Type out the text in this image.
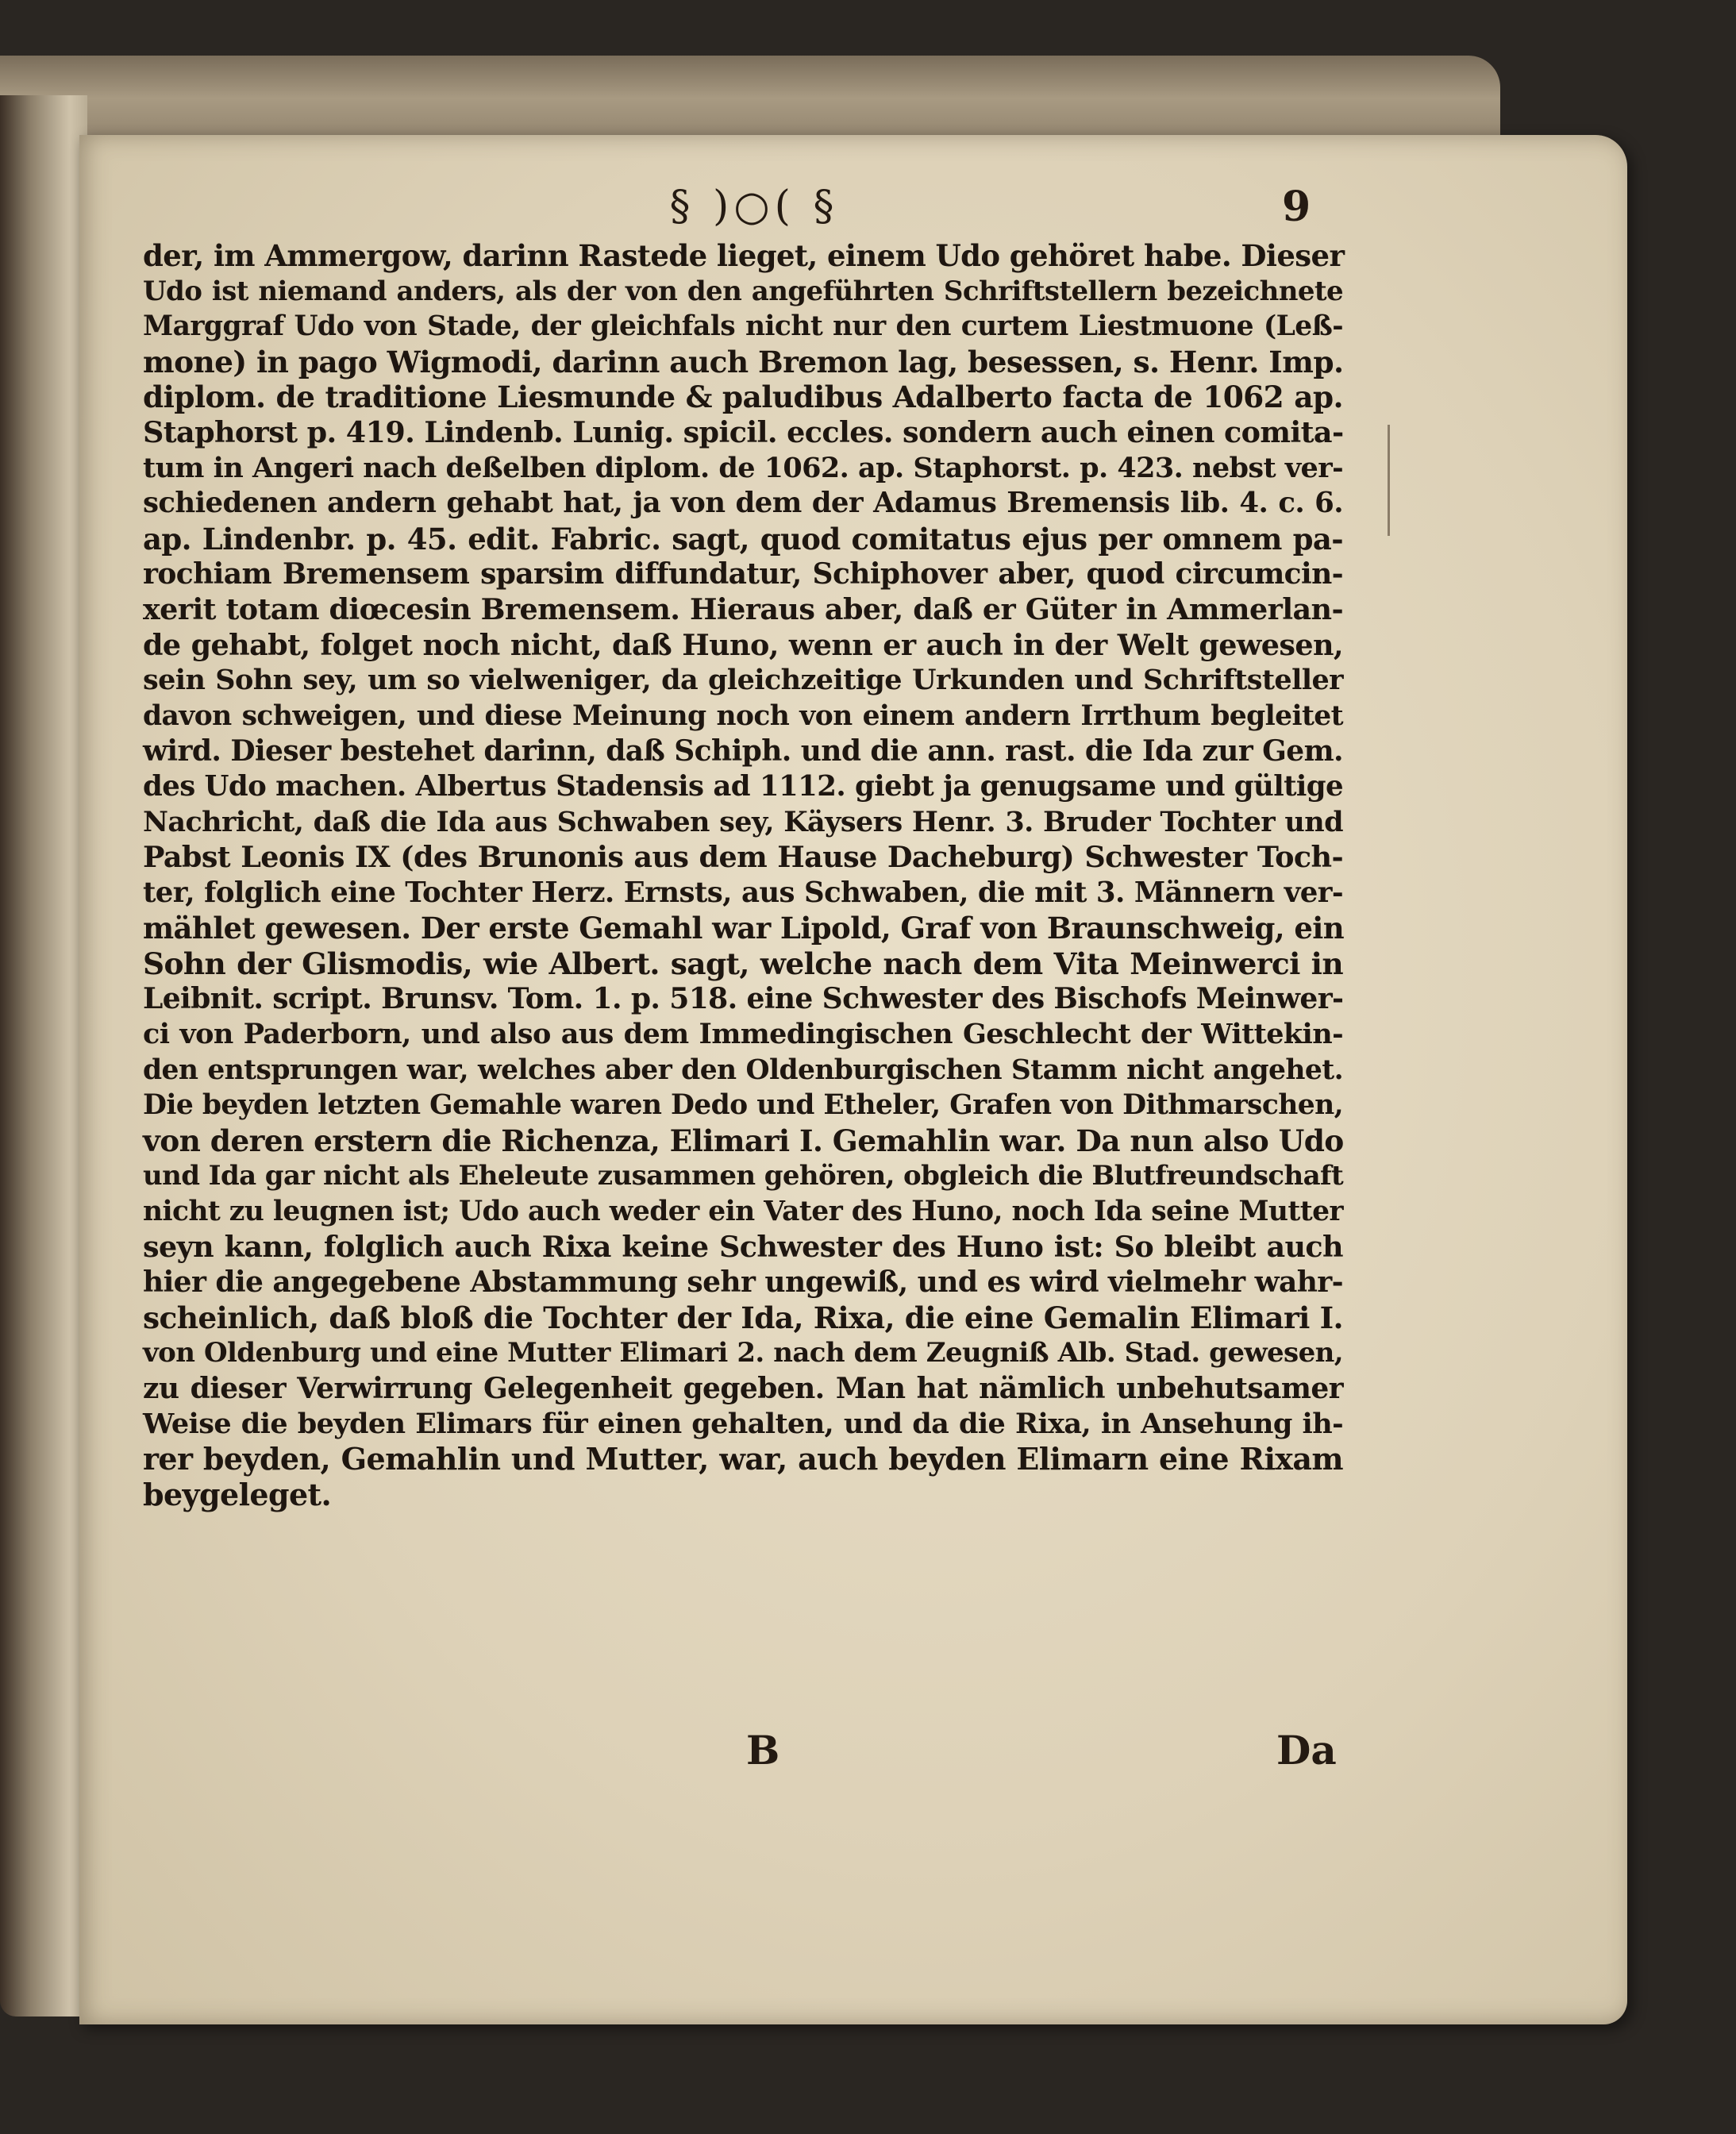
§ )○( §	9
der, im Ammergow, darinn Rastede lieget, einem Udo gehöret habe. Dieser
Udo ist niemand anders, als der von den angeführten Schriftstellern bezeichnete
Marggraf Udo von Stade, der gleichfals nicht nur den curtem Liestmuone (Leß-
mone) in pago Wigmodi, darinn auch Bremon lag, besessen, s. Henr. Imp.
diplom. de traditione Liesmunde & paludibus Adalberto facta de 1062 ap.
Staphorst p. 419. Lindenb. Lunig. spicil. eccles. sondern auch einen comita-
tum in Angeri nach deßelben diplom. de 1062. ap. Staphorst. p. 423. nebst ver-
schiedenen andern gehabt hat, ja von dem der Adamus Bremensis lib. 4. c. 6.
ap. Lindenbr. p. 45. edit. Fabric. sagt, quod comitatus ejus per omnem pa-
rochiam Bremensem sparsim diffundatur, Schiphover aber, quod circumcin-
xerit totam diœcesin Bremensem. Hieraus aber, daß er Güter in Ammerlan-
de gehabt, folget noch nicht, daß Huno, wenn er auch in der Welt gewesen,
sein Sohn sey, um so vielweniger, da gleichzeitige Urkunden und Schriftsteller
davon schweigen, und diese Meinung noch von einem andern Irrthum begleitet
wird. Dieser bestehet darinn, daß Schiph. und die ann. rast. die Ida zur Gem.
des Udo machen. Albertus Stadensis ad 1112. giebt ja genugsame und gültige
Nachricht, daß die Ida aus Schwaben sey, Käysers Henr. 3. Bruder Tochter und
Pabst Leonis IX (des Brunonis aus dem Hause Dacheburg) Schwester Toch-
ter, folglich eine Tochter Herz. Ernsts, aus Schwaben, die mit 3. Männern ver-
mählet gewesen. Der erste Gemahl war Lipold, Graf von Braunschweig, ein
Sohn der Glismodis, wie Albert. sagt, welche nach dem Vita Meinwerci in
Leibnit. script. Brunsv. Tom. 1. p. 518. eine Schwester des Bischofs Meinwer-
ci von Paderborn, und also aus dem Immedingischen Geschlecht der Wittekin-
den entsprungen war, welches aber den Oldenburgischen Stamm nicht angehet.
Die beyden letzten Gemahle waren Dedo und Etheler, Grafen von Dithmarschen,
von deren erstern die Richenza, Elimari I. Gemahlin war. Da nun also Udo
und Ida gar nicht als Eheleute zusammen gehören, obgleich die Blutfreundschaft
nicht zu leugnen ist; Udo auch weder ein Vater des Huno, noch Ida seine Mutter
seyn kann, folglich auch Rixa keine Schwester des Huno ist: So bleibt auch
hier die angegebene Abstammung sehr ungewiß, und es wird vielmehr wahr-
scheinlich, daß bloß die Tochter der Ida, Rixa, die eine Gemalin Elimari I.
von Oldenburg und eine Mutter Elimari 2. nach dem Zeugniß Alb. Stad. gewesen,
zu dieser Verwirrung Gelegenheit gegeben. Man hat nämlich unbehutsamer
Weise die beyden Elimars für einen gehalten, und da die Rixa, in Ansehung ih-
rer beyden, Gemahlin und Mutter, war, auch beyden Elimarn eine Rixam
beygeleget.
B	Da
